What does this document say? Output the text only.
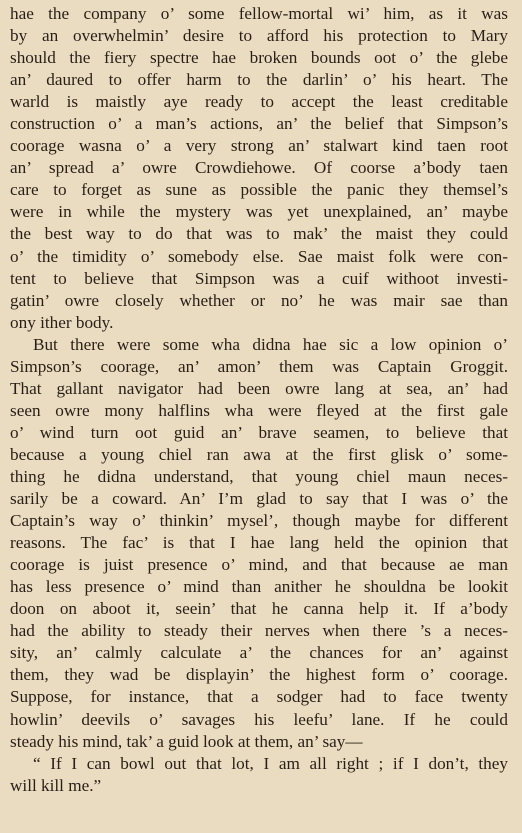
hae the company o’ some fellow-mortal wi’ him, as it was
by an overwhelmin’ desire to afford his protection to Mary
should the fiery spectre hae broken bounds oot o’ the glebe
an’ daured to offer harm to the darlin’ o’ his heart. The
warld is maistly aye ready to accept the least creditable
construction o’ a man’s actions, an’ the belief that Simpson’s
coorage wasna o’ a very strong an’ stalwart kind taen root
an’ spread a’ owre Crowdiehowe. Of coorse a’body taen
care to forget as sune as possible the panic they themsel’s
were in while the mystery was yet unexplained, an’ maybe
the best way to do that was to mak’ the maist they could
o’ the timidity o’ somebody else. Sae maist folk were con-
tent to believe that Simpson was a cuif withoot investi-
gatin’ owre closely whether or no’ he was mair sae than
ony ither body.
But there were some wha didna hae sic a low opinion o’
Simpson’s coorage, an’ amon’ them was Captain Groggit.
That gallant navigator had been owre lang at sea, an’ had
seen owre mony halflins wha were fleyed at the first gale
o’ wind turn oot guid an’ brave seamen, to believe that
because a young chiel ran awa at the first glisk o’ some-
thing he didna understand, that young chiel maun neces-
sarily be a coward. An’ I’m glad to say that I was o’ the
Captain’s way o’ thinkin’ mysel’, though maybe for different
reasons. The fac’ is that I hae lang held the opinion that
coorage is juist presence o’ mind, and that because ae man
has less presence o’ mind than anither he shouldna be lookit
doon on aboot it, seein’ that he canna help it. If a’body
had the ability to steady their nerves when there ’s a neces-
sity, an’ calmly calculate a’ the chances for an’ against
them, they wad be displayin’ the highest form o’ coorage.
Suppose, for instance, that a sodger had to face twenty
howlin’ deevils o’ savages his leefu’ lane. If he could
steady his mind, tak’ a guid look at them, an’ say—
“ If I can bowl out that lot, I am all right ; if I don’t, they
will kill me.”
